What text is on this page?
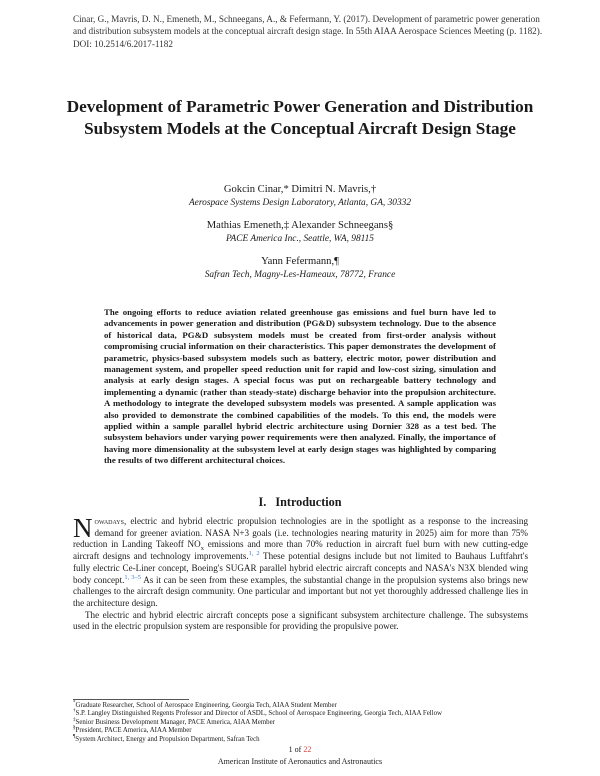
Cinar, G., Mavris, D. N., Emeneth, M., Schneegans, A., & Fefermann, Y. (2017). Development of parametric power generation and distribution subsystem models at the conceptual aircraft design stage. In 55th AIAA Aerospace Sciences Meeting (p. 1182). DOI: 10.2514/6.2017-1182
Development of Parametric Power Generation and Distribution Subsystem Models at the Conceptual Aircraft Design Stage
Gokcin Cinar,* Dimitri N. Mavris,†
Aerospace Systems Design Laboratory, Atlanta, GA, 30332
Mathias Emeneth,‡ Alexander Schneegans§
PACE America Inc., Seattle, WA, 98115
Yann Fefermann,¶
Safran Tech, Magny-Les-Hameaux, 78772, France
The ongoing efforts to reduce aviation related greenhouse gas emissions and fuel burn have led to advancements in power generation and distribution (PG&D) subsystem technology. Due to the absence of historical data, PG&D subsystem models must be created from first-order analysis without compromising crucial information on their characteristics. This paper demonstrates the development of parametric, physics-based subsystem models such as battery, electric motor, power distribution and management system, and propeller speed reduction unit for rapid and low-cost sizing, simulation and analysis at early design stages. A special focus was put on rechargeable battery technology and implementing a dynamic (rather than steady-state) discharge behavior into the propulsion architecture. A methodology to integrate the developed subsystem models was presented. A sample application was also provided to demonstrate the combined capabilities of the models. To this end, the models were applied within a sample parallel hybrid electric architecture using Dornier 328 as a test bed. The subsystem behaviors under varying power requirements were then analyzed. Finally, the importance of having more dimensionality at the subsystem level at early design stages was highlighted by comparing the results of two different architectural choices.
I. Introduction

Nowadays, electric and hybrid electric propulsion technologies are in the spotlight as a response to the increasing demand for greener aviation. NASA N+3 goals (i.e. technologies nearing maturity in 2025) aim for more than 75% reduction in Landing Takeoff $NO_x$ emissions and more than 70% reduction in aircraft fuel burn with new cutting-edge aircraft designs and technology improvements.$^{1, 2}$ These potential designs include but not limited to Bauhaus Luftfahrt's fully electric Ce-Liner concept, Boeing's SUGAR parallel hybrid electric aircraft concepts and NASA's N3X blended wing body concept.$^{1, 3-5}$ As it can be seen from these examples, the substantial change in the propulsion systems also brings new challenges to the aircraft design community. One particular and important but not yet thoroughly addressed challenge lies in the architecture design.

The electric and hybrid electric aircraft concepts pose a significant subsystem architecture challenge. The subsystems used in the electric propulsion system are responsible for providing the propulsive power.

*Graduate Researcher, School of Aerospace Engineering, Georgia Tech, AIAA Student Member
†S.P. Langley Distinguished Regents Professor and Director of ASDL, School of Aerospace Engineering, Georgia Tech, AIAA Fellow
‡Senior Business Development Manager, PACE America, AIAA Member
§President, PACE America, AIAA Member
¶System Architect, Energy and Propulsion Department, Safran Tech
1 of 22
American Institute of Aeronautics and Astronautics
